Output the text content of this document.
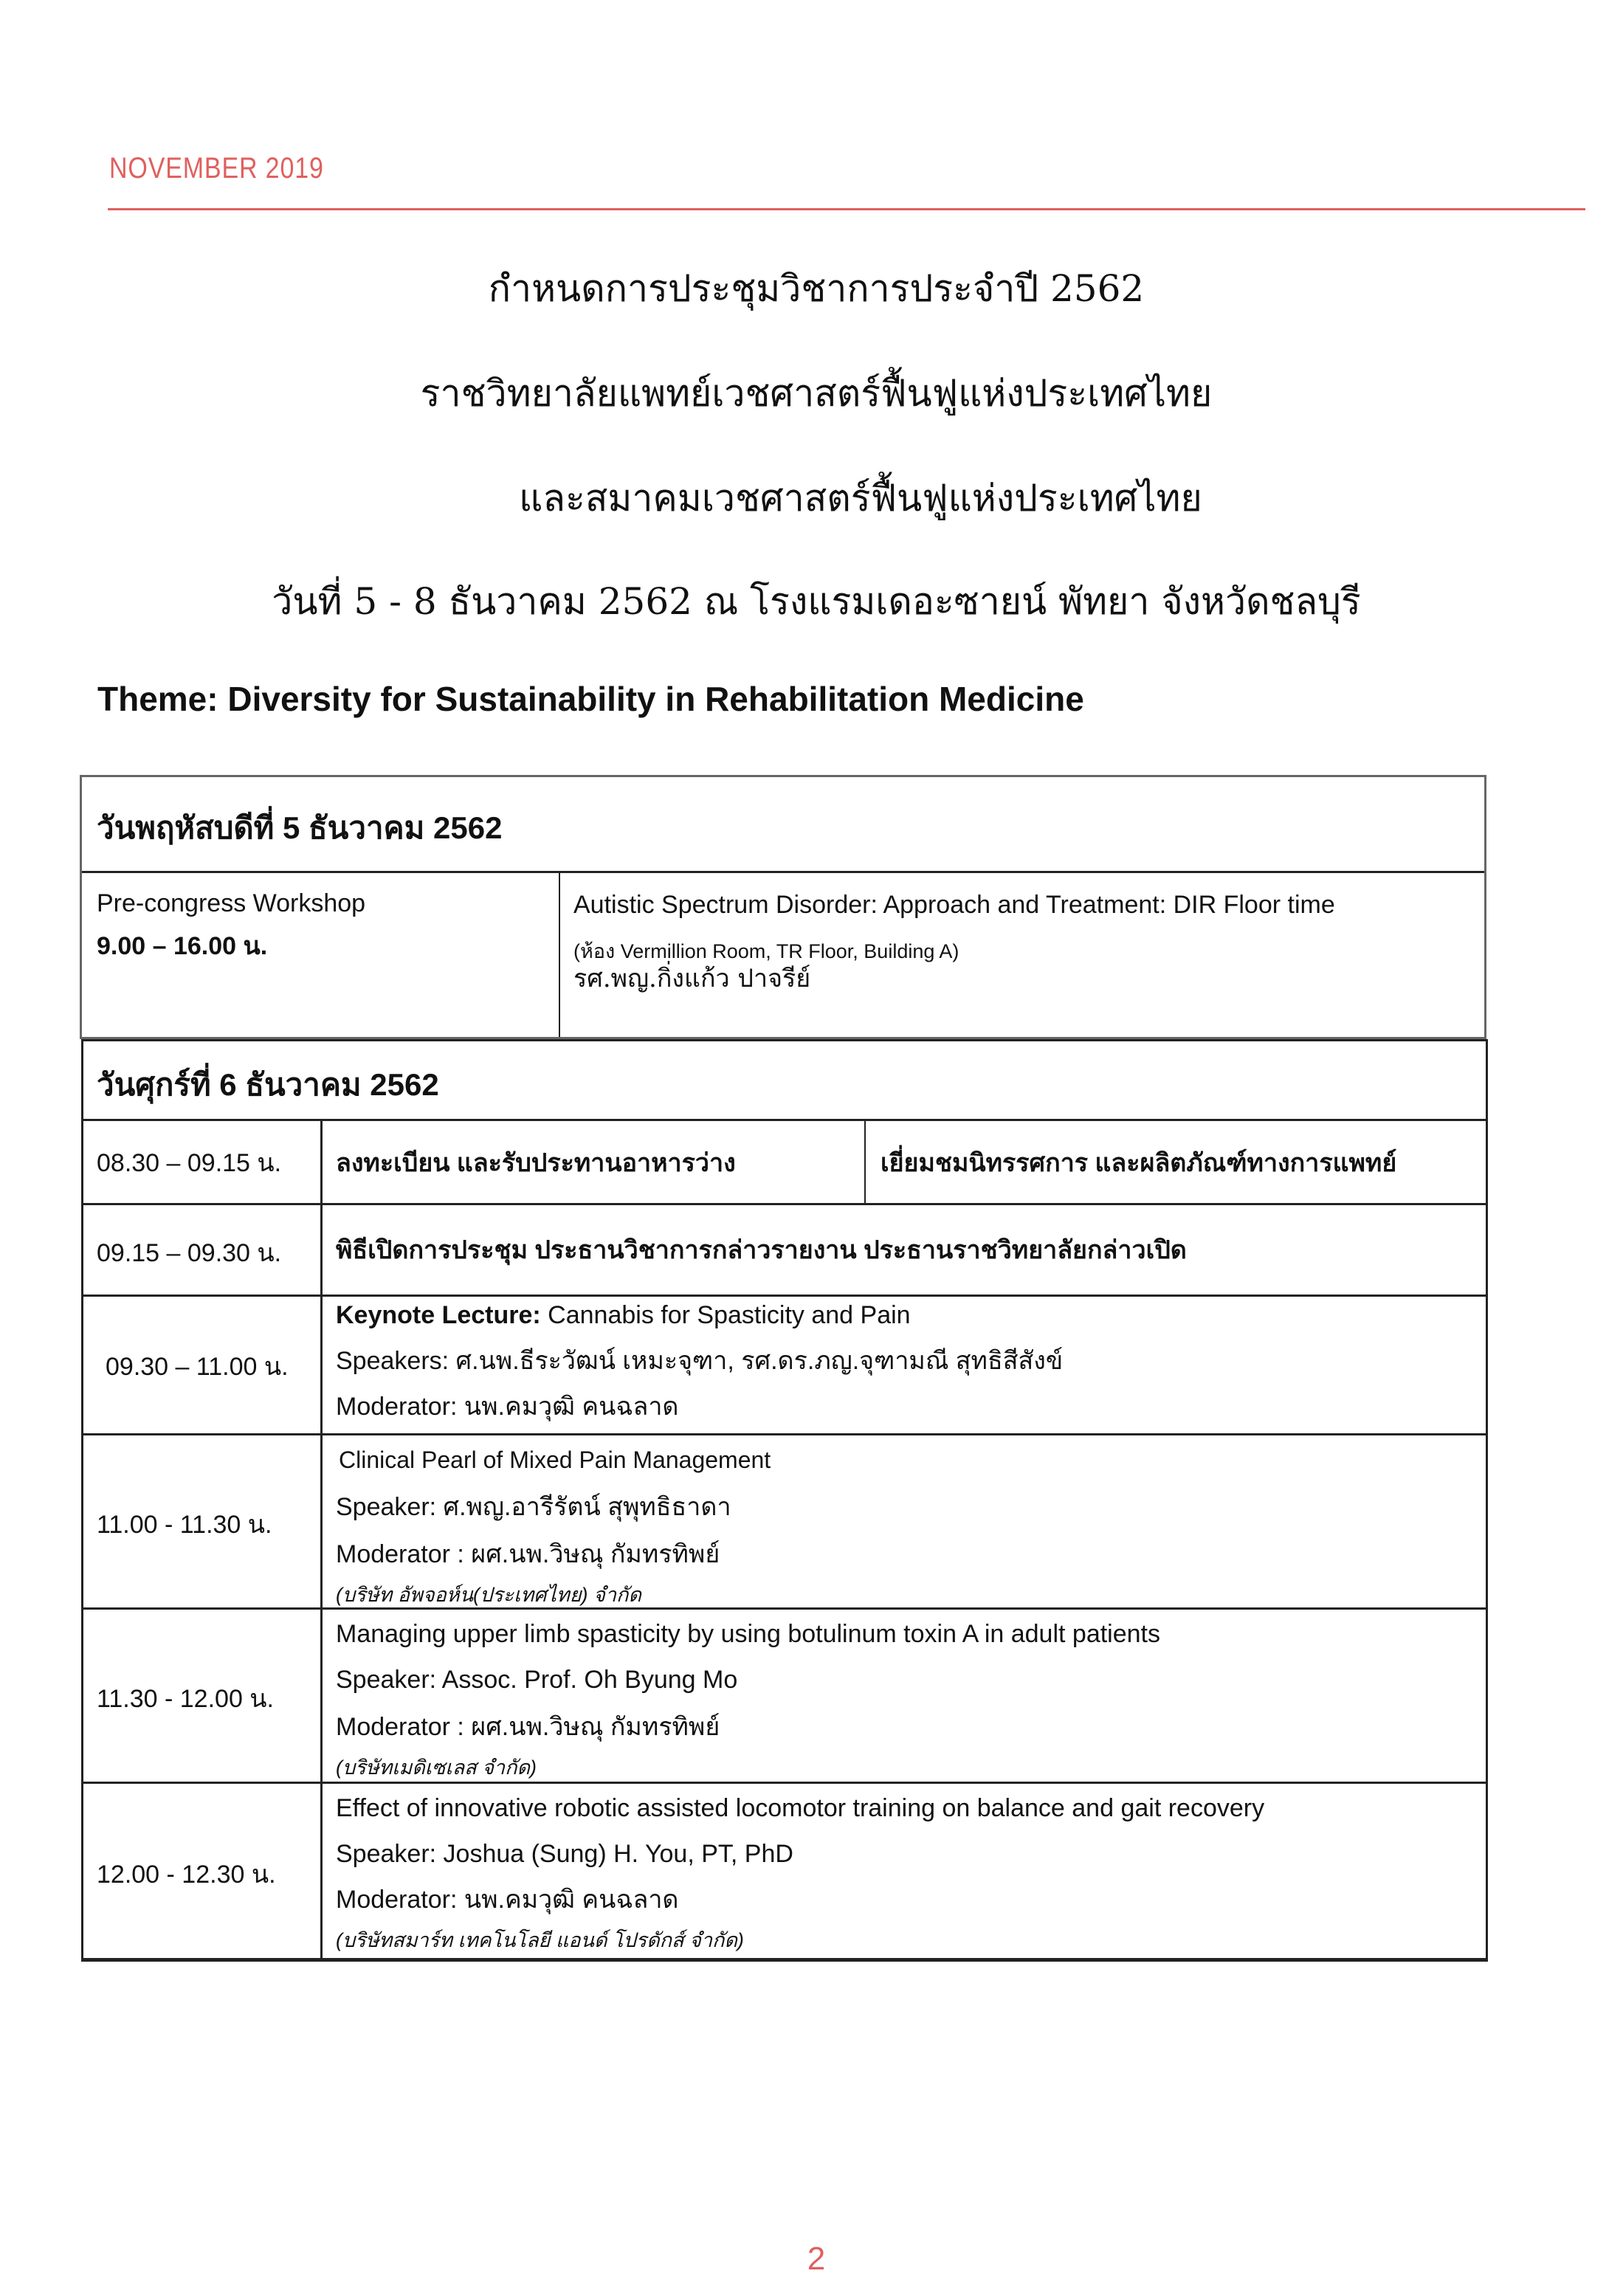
NOVEMBER 2019
กำหนดการประชุมวิชาการประจำปี 2562
ราชวิทยาลัยแพทย์เวชศาสตร์ฟื้นฟูแห่งประเทศไทย
และสมาคมเวชศาสตร์ฟื้นฟูแห่งประเทศไทย
วันที่ 5 - 8 ธันวาคม 2562 ณ โรงแรมเดอะซายน์ พัทยา จังหวัดชลบุรี
Theme: Diversity for Sustainability in Rehabilitation Medicine
วันพฤหัสบดีที่ 5 ธันวาคม 2562
Pre-congress Workshop
9.00 – 16.00 น.
Autistic Spectrum Disorder: Approach and Treatment: DIR Floor time
(ห้อง Vermillion Room, TR Floor, Building A)
รศ.พญ.กิ่งแก้ว ปาจรีย์
วันศุกร์ที่ 6 ธันวาคม 2562
08.30 – 09.15 น. ลงทะเบียน และรับประทานอาหารว่าง	เยี่ยมชมนิทรรศการ และผลิตภัณฑ์ทางการแพทย์
09.15 – 09.30 น. พิธีเปิดการประชุม ประธานวิชาการกล่าวรายงาน ประธานราชวิทยาลัยกล่าวเปิด
09.30 – 11.00 น.
Keynote Lecture: Cannabis for Spasticity and Pain
Speakers: ศ.นพ.ธีระวัฒน์ เหมะจุฑา, รศ.ดร.ภญ.จุฑามณี สุทธิสีสังข์
Moderator: นพ.คมวุฒิ คนฉลาด
11.00 - 11.30 น.
Clinical Pearl of Mixed Pain Management
Speaker: ศ.พญ.อารีรัตน์ สุพุทธิธาดา
Moderator : ผศ.นพ.วิษณุ กัมทรทิพย์
(บริษัท อัพจอห์น(ประเทศไทย) จำกัด
11.30 - 12.00 น.
Managing upper limb spasticity by using botulinum toxin A in adult patients
Speaker: Assoc. Prof. Oh Byung Mo
Moderator : ผศ.นพ.วิษณุ กัมทรทิพย์
(บริษัทเมดิเซเลส จำกัด)
12.00 - 12.30 น.
Effect of innovative robotic assisted locomotor training on balance and gait recovery
Speaker: Joshua (Sung) H. You, PT, PhD
Moderator: นพ.คมวุฒิ คนฉลาด
(บริษัทสมาร์ท เทคโนโลยี แอนด์ โปรดักส์ จำกัด)
2
